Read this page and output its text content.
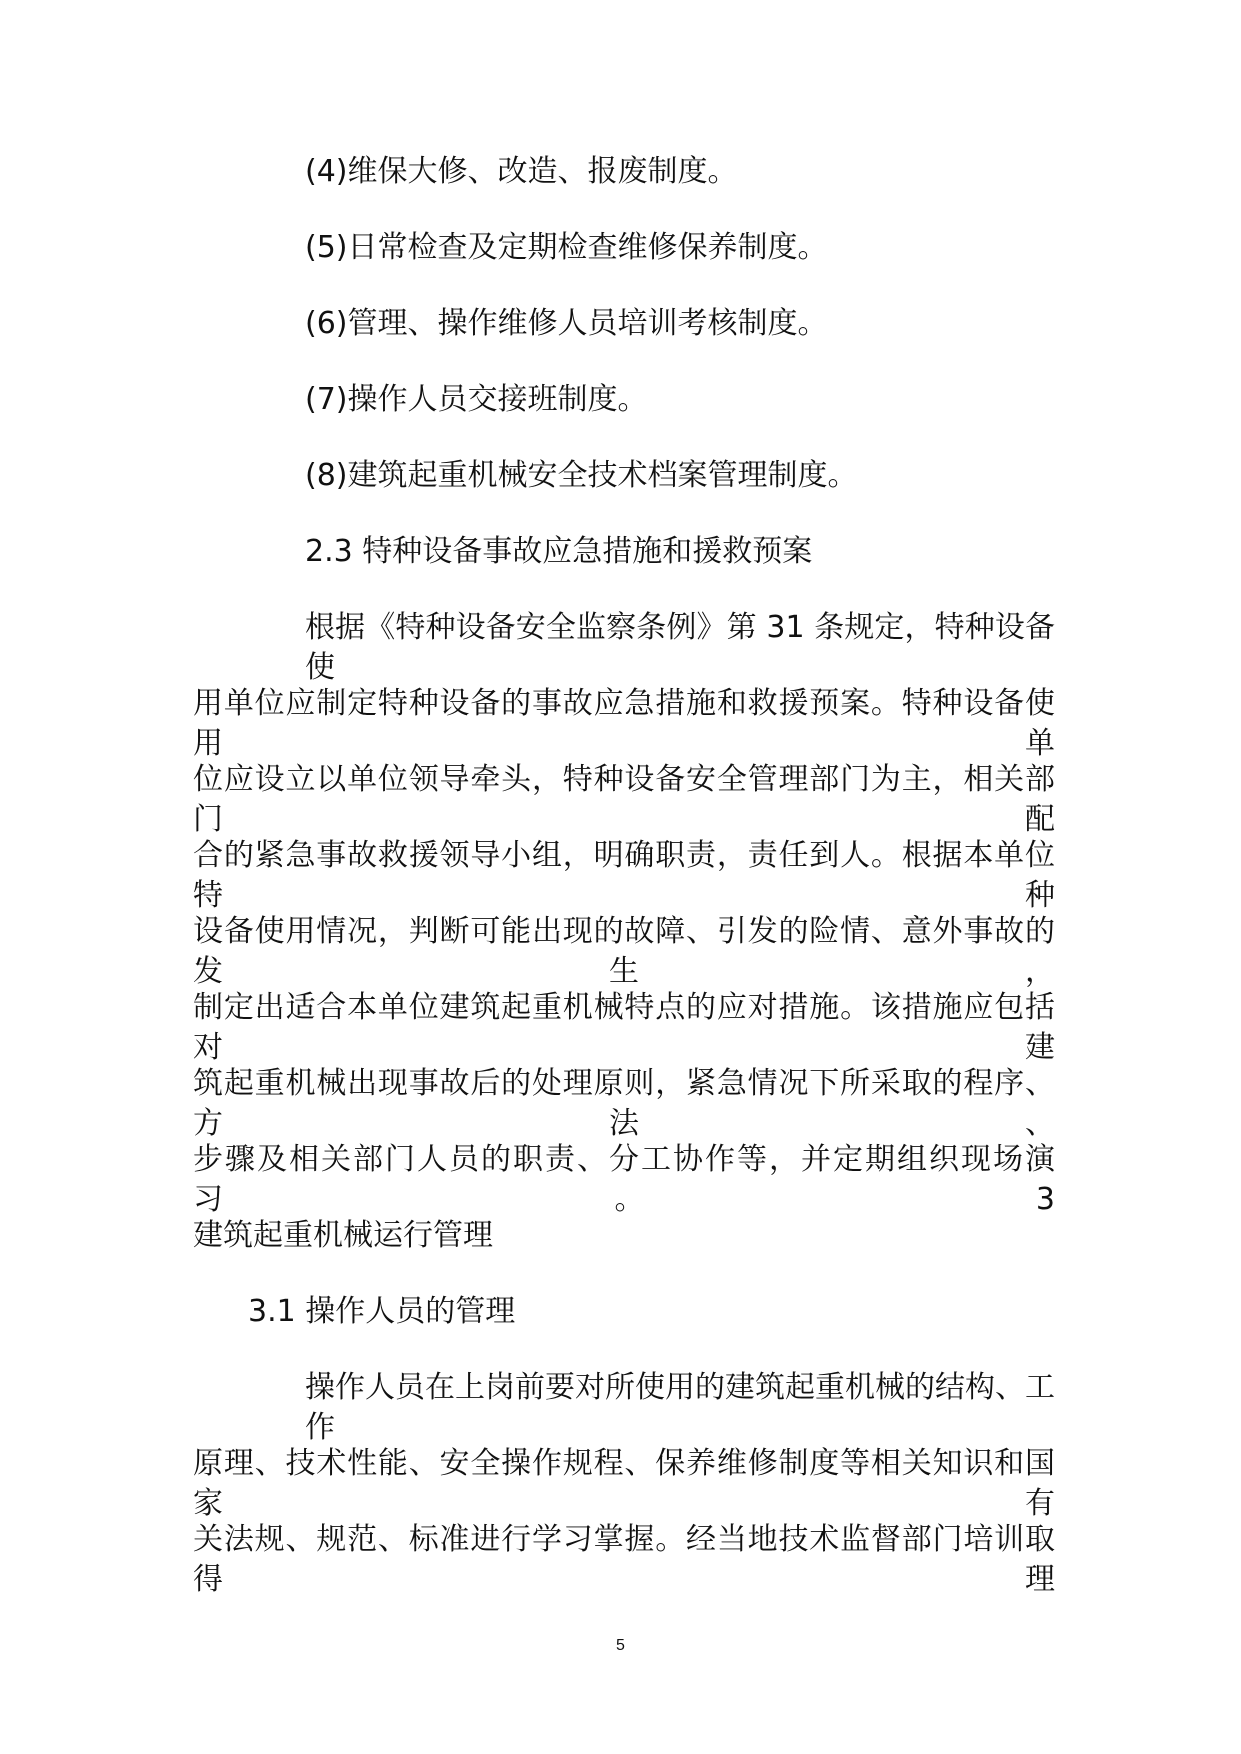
(4)维保大修、改造、报废制度。
(5)日常检查及定期检查维修保养制度。
(6)管理、操作维修人员培训考核制度。
(7)操作人员交接班制度。
(8)建筑起重机械安全技术档案管理制度。
2.3 特种设备事故应急措施和援救预案
根据《特种设备安全监察条例》第 31 条规定，特种设备使
用单位应制定特种设备的事故应急措施和救援预案。特种设备使用单
位应设立以单位领导牵头，特种设备安全管理部门为主，相关部门配
合的紧急事故救援领导小组，明确职责，责任到人。根据本单位特种
设备使用情况，判断可能出现的故障、引发的险情、意外事故的发生，
制定出适合本单位建筑起重机械特点的应对措施。该措施应包括对建
筑起重机械出现事故后的处理原则，紧急情况下所采取的程序、方法、
步骤及相关部门人员的职责、分工协作等，并定期组织现场演习。3
建筑起重机械运行管理
3.1 操作人员的管理
操作人员在上岗前要对所使用的建筑起重机械的结构、工作
原理、技术性能、安全操作规程、保养维修制度等相关知识和国家有
关法规、规范、标准进行学习掌握。经当地技术监督部门培训取得理
5
